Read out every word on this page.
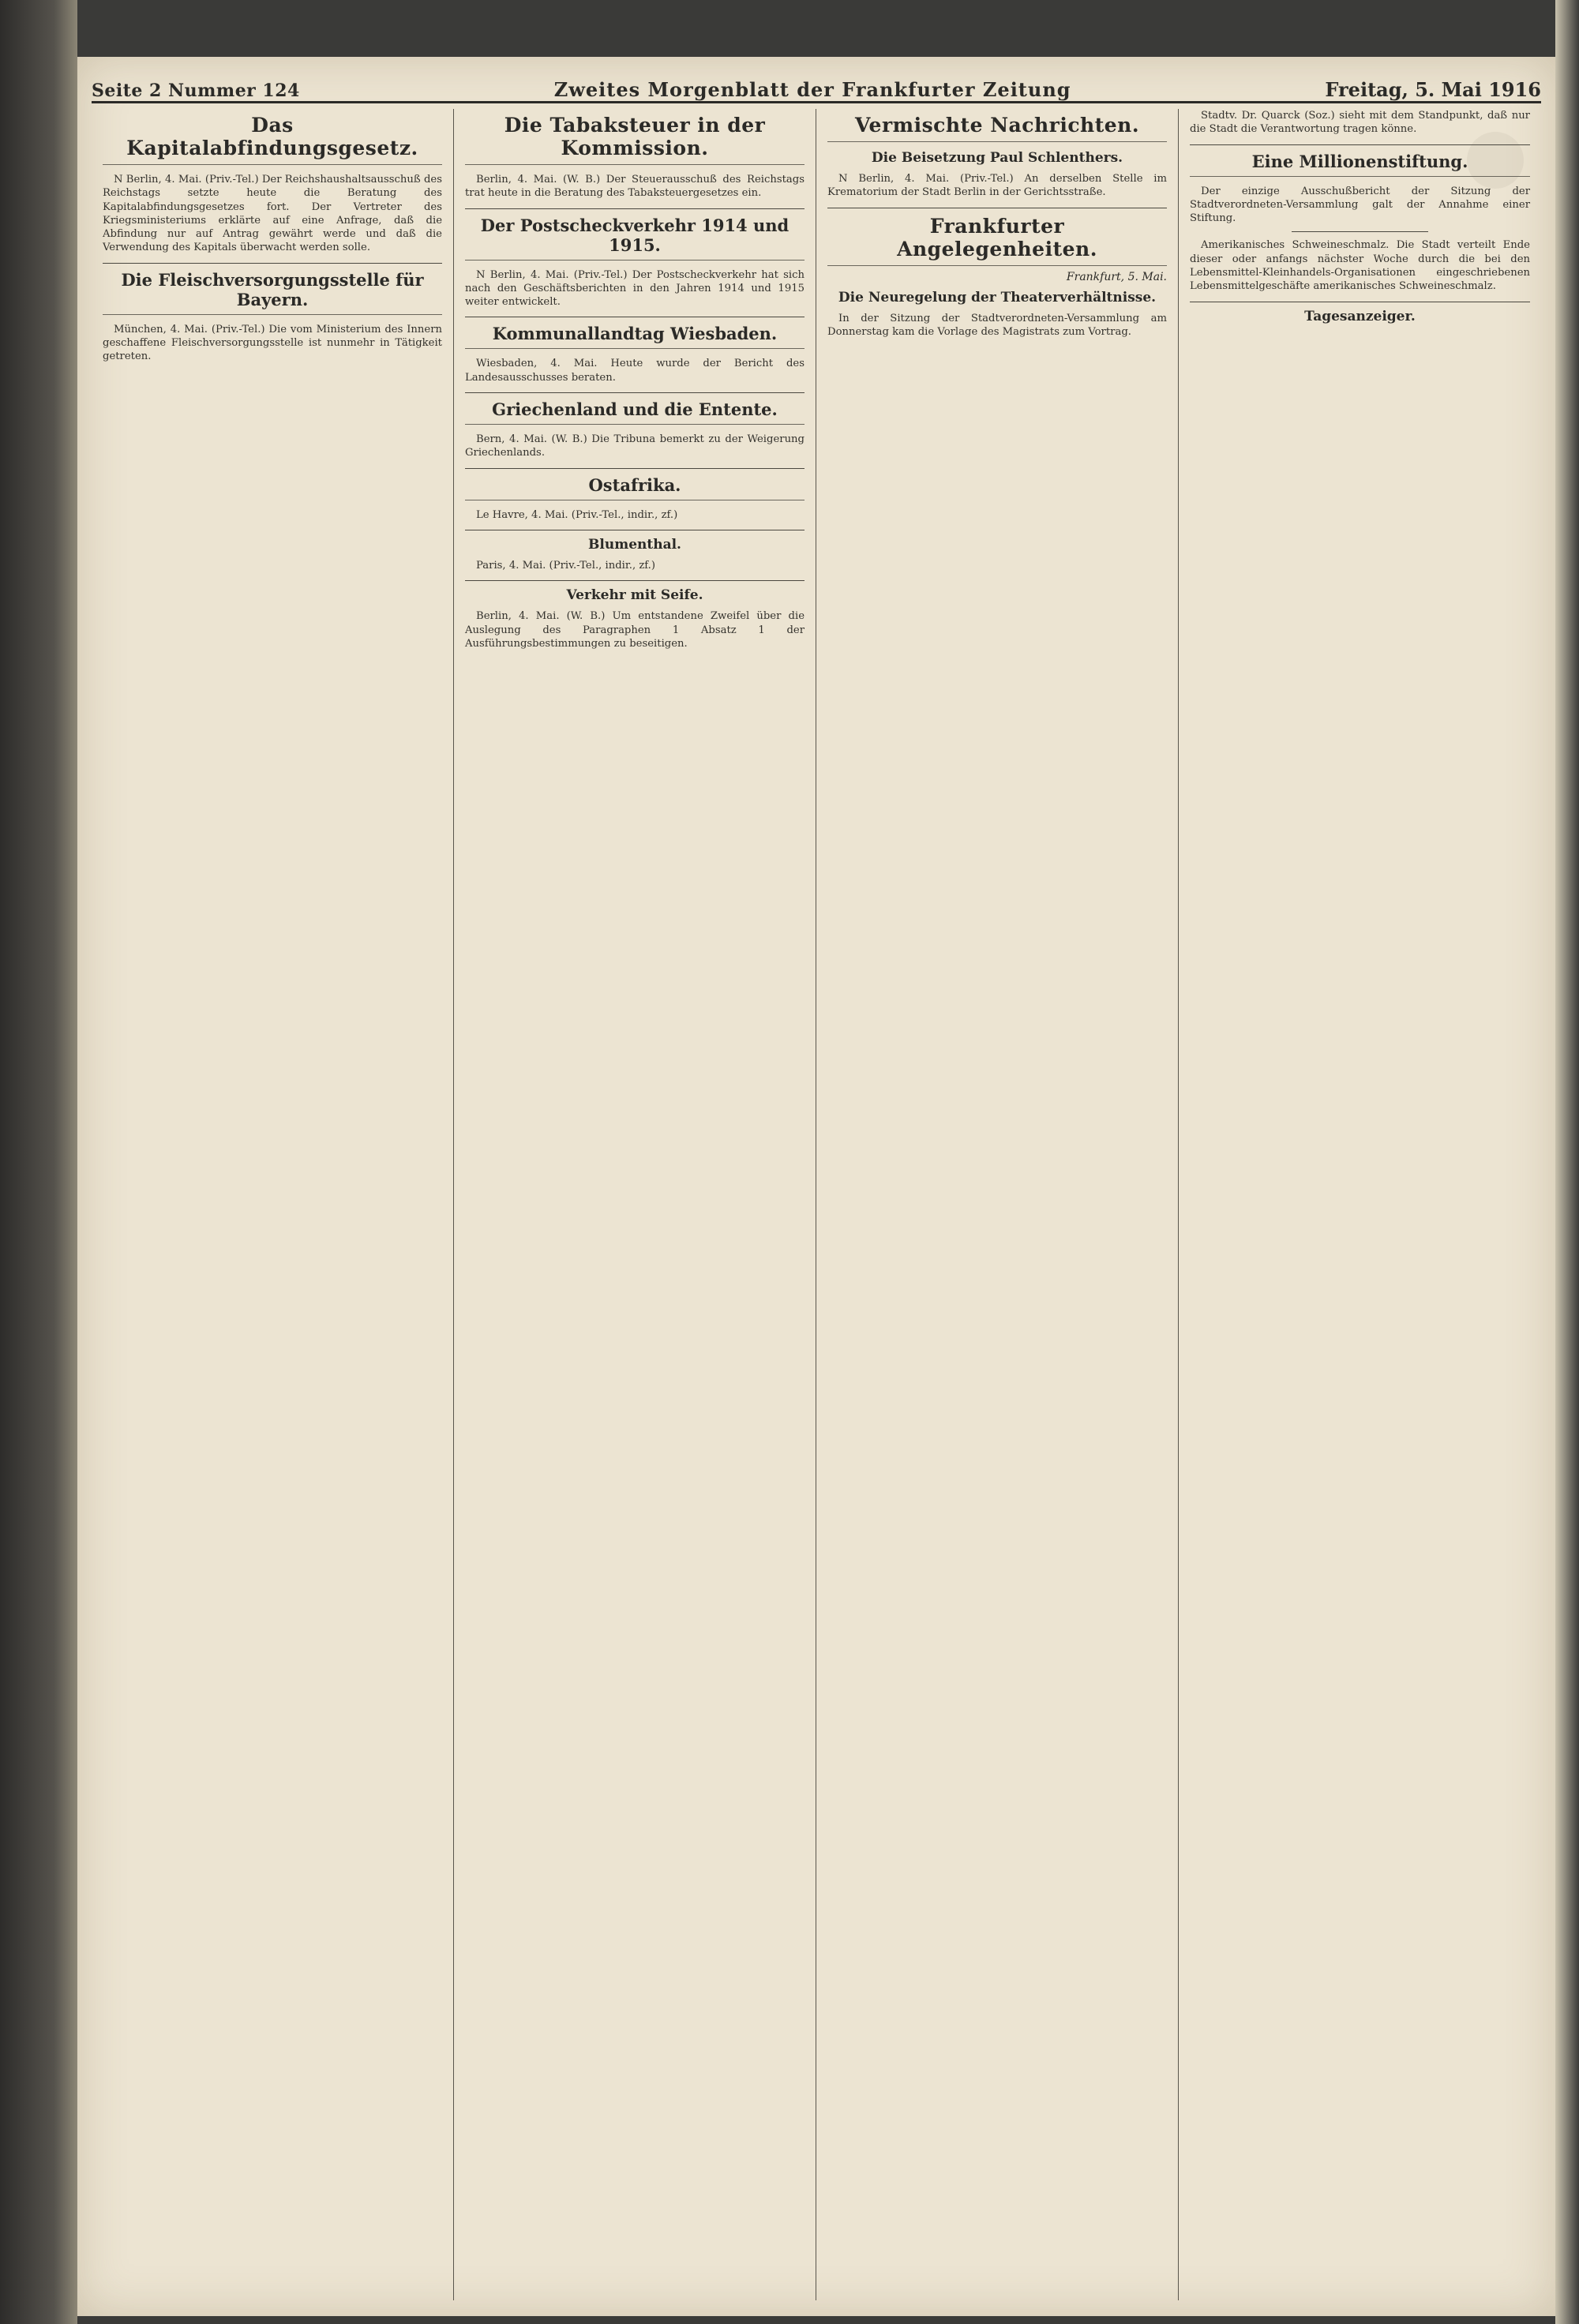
Seite 2 Nummer 124	Zweites Morgenblatt der Frankfurter Zeitung	Freitag, 5. Mai 1916
Das Kapitalabfindungsgesetz.

N Berlin, 4. Mai. (Priv.-Tel.) Der Reichshaushaltsausschuß des Reichstags setzte heute die Beratung des Kapitalabfindungsgesetzes fort. Der Vertreter des Kriegsministeriums erklärte auf eine Anfrage, daß die Abfindung nur auf Antrag gewährt werde und daß die Verwendung des Kapitals überwacht werden solle.

Die Fleischversorgungsstelle für Bayern.

München, 4. Mai. (Priv.-Tel.) Die vom Ministerium des Innern geschaffene Fleischversorgungsstelle ist nunmehr in Tätigkeit getreten.

Die Tabaksteuer in der Kommission.

Berlin, 4. Mai. (W. B.) Der Steuerausschuß des Reichstags trat heute in die Beratung des Tabaksteuergesetzes ein.

Der Postscheckverkehr 1914 und 1915.

N Berlin, 4. Mai. (Priv.-Tel.) Der Postscheckverkehr hat sich nach den Geschäftsberichten in den Jahren 1914 und 1915 weiter entwickelt.

Kommunallandtag Wiesbaden.

Wiesbaden, 4. Mai. Heute wurde der Bericht des Landesausschusses beraten.

Griechenland und die Entente.

Bern, 4. Mai. (W. B.) Die Tribuna bemerkt zu der Weigerung Griechenlands.

Ostafrika.

Le Havre, 4. Mai. (Priv.-Tel., indir., zf.)

Blumenthal.

Paris, 4. Mai. (Priv.-Tel., indir., zf.)

Verkehr mit Seife.

Berlin, 4. Mai. (W. B.) Um entstandene Zweifel über die Auslegung des Paragraphen 1 Absatz 1 der Ausführungsbestimmungen zu beseitigen.

Vermischte Nachrichten.
Die Beisetzung Paul Schlenthers.

N Berlin, 4. Mai. (Priv.-Tel.) An derselben Stelle im Krematorium der Stadt Berlin in der Gerichtsstraße.

Frankfurter Angelegenheiten.
Frankfurt, 5. Mai.
Die Neuregelung der Theaterverhältnisse.

In der Sitzung der Stadtverordneten-Versammlung am Donnerstag kam die Vorlage des Magistrats zum Vortrag.

Stadtv. Dr. Quarck (Soz.) sieht mit dem Standpunkt, daß nur die Stadt die Verantwortung tragen könne.

Eine Millionenstiftung.

Der einzige Ausschußbericht der Sitzung der Stadtverordneten-Versammlung galt der Annahme einer Stiftung.

Amerikanisches Schweineschmalz. Die Stadt verteilt Ende dieser oder anfangs nächster Woche durch die bei den Lebensmittel-Kleinhandels-Organisationen eingeschriebenen Lebensmittelgeschäfte amerikanisches Schweineschmalz.

Tagesanzeiger.
